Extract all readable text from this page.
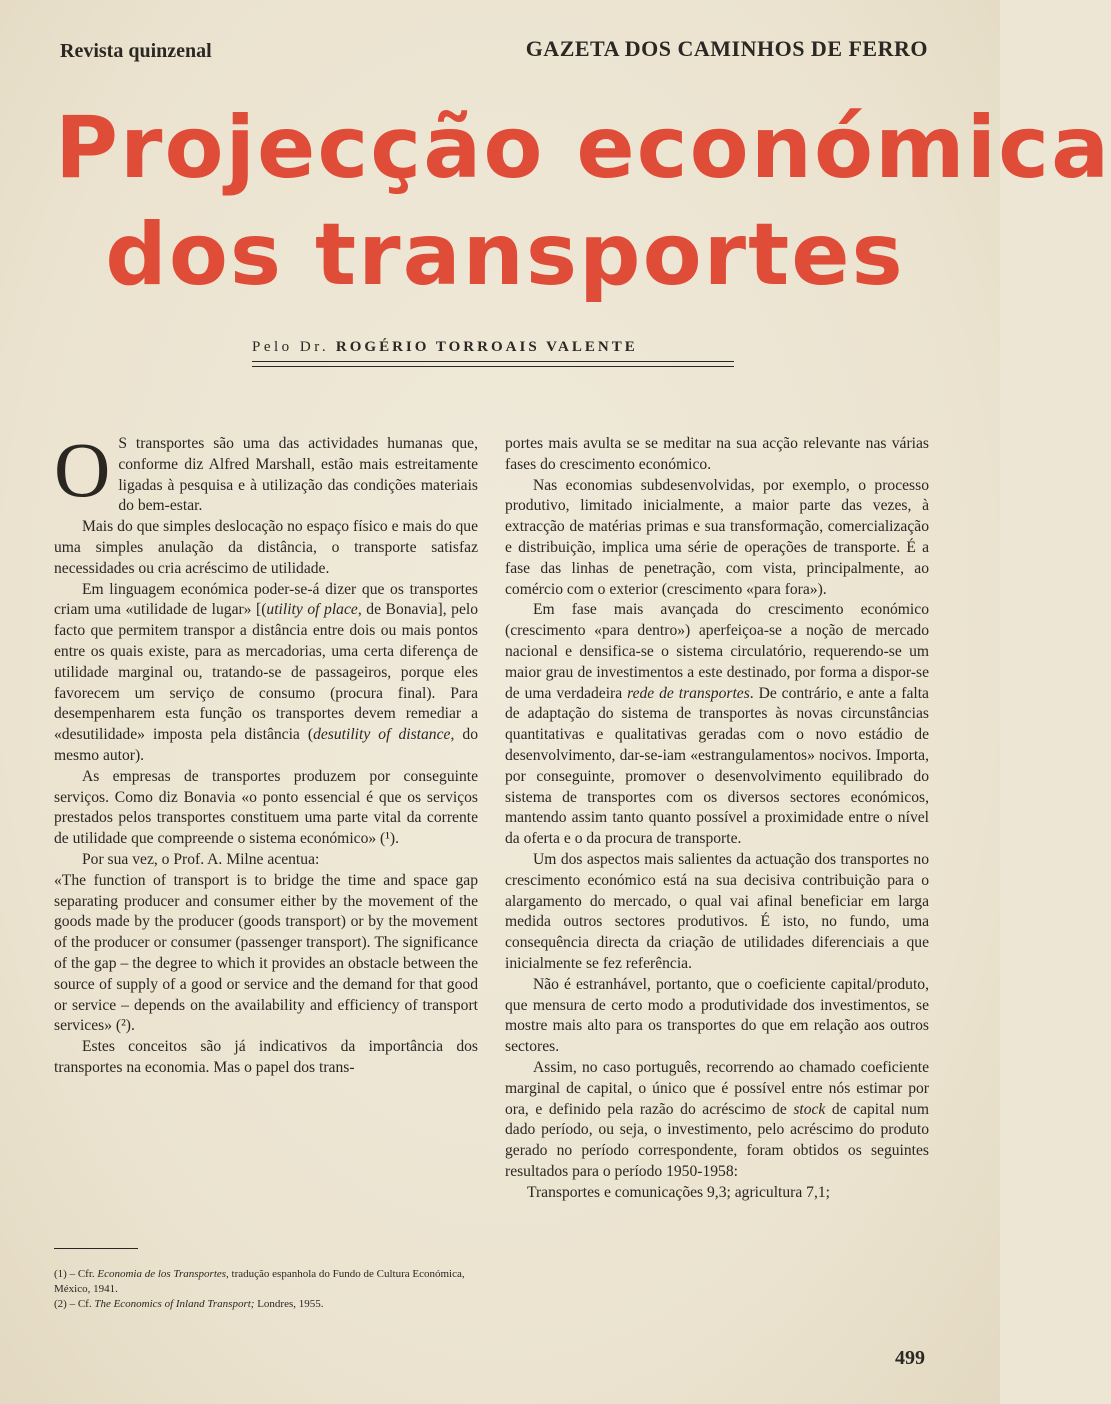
Revista quinzenal	GAZETA DOS CAMINHOS DE FERRO
Projecção económica
dos transportes
Pelo Dr. ROGÉRIO TORROAIS VALENTE

O S transportes são uma das actividades humanas que, conforme diz Alfred Marshall, estão mais estreitamente ligadas à pesquisa e à utilização das condições materiais do bem-estar.

Mais do que simples deslocação no espaço físico e mais do que uma simples anulação da distância, o transporte satisfaz necessidades ou cria acréscimo de utilidade.

Em linguagem económica poder-se-á dizer que os transportes criam uma «utilidade de lugar» [(utility of place, de Bonavia], pelo facto que permitem transpor a distância entre dois ou mais pontos entre os quais existe, para as mercadorias, uma certa diferença de utilidade marginal ou, tratando-se de passageiros, porque eles favorecem um serviço de consumo (procura final). Para desempenharem esta função os transportes devem remediar a «desutilidade» imposta pela distância (desutility of distance, do mesmo autor).

As empresas de transportes produzem por conseguinte serviços. Como diz Bonavia «o ponto essencial é que os serviços prestados pelos transportes constituem uma parte vital da corrente de utilidade que compreende o sistema económico» (¹).

Por sua vez, o Prof. A. Milne acentua:

«The function of transport is to bridge the time and space gap separating producer and consumer either by the movement of the goods made by the producer (goods transport) or by the movement of the producer or consumer (passenger transport). The significance of the gap – the degree to which it provides an obstacle between the source of supply of a good or service and the demand for that good or service – depends on the availability and efficiency of transport services» (²).

Estes conceitos são já indicativos da importância dos transportes na economia. Mas o papel dos trans-

(1) – Cfr. Economia de los Transportes, tradução espanhola do Fundo de Cultura Económica, México, 1941.

(2) – Cf. The Economics of Inland Transport; Londres, 1955.

portes mais avulta se se meditar na sua acção relevante nas várias fases do crescimento económico.

Nas economias subdesenvolvidas, por exemplo, o processo produtivo, limitado inicialmente, a maior parte das vezes, à extracção de matérias primas e sua transformação, comercialização e distribuição, implica uma série de operações de transporte. É a fase das linhas de penetração, com vista, principalmente, ao comércio com o exterior (crescimento «para fora»).

Em fase mais avançada do crescimento económico (crescimento «para dentro») aperfeiçoa-se a noção de mercado nacional e densifica-se o sistema circulatório, requerendo-se um maior grau de investimentos a este destinado, por forma a dispor-se de uma verdadeira rede de transportes. De contrário, e ante a falta de adaptação do sistema de transportes às novas circunstâncias quantitativas e qualitativas geradas com o novo estádio de desenvolvimento, dar-se-iam «estrangulamentos» nocivos. Importa, por conseguinte, promover o desenvolvimento equilibrado do sistema de transportes com os diversos sectores económicos, mantendo assim tanto quanto possível a proximidade entre o nível da oferta e o da procura de transporte.

Um dos aspectos mais salientes da actuação dos transportes no crescimento económico está na sua decisiva contribuição para o alargamento do mercado, o qual vai afinal beneficiar em larga medida outros sectores produtivos. É isto, no fundo, uma consequência directa da criação de utilidades diferenciais a que inicialmente se fez referência.

Não é estranhável, portanto, que o coeficiente capital/produto, que mensura de certo modo a produtividade dos investimentos, se mostre mais alto para os transportes do que em relação aos outros sectores.

Assim, no caso português, recorrendo ao chamado coeficiente marginal de capital, o único que é possível entre nós estimar por ora, e definido pela razão do acréscimo de stock de capital num dado período, ou seja, o investimento, pelo acréscimo do produto gerado no período correspondente, foram obtidos os seguintes resultados para o período 1950-1958:

Transportes e comunicações 9,3; agricultura 7,1;

499
